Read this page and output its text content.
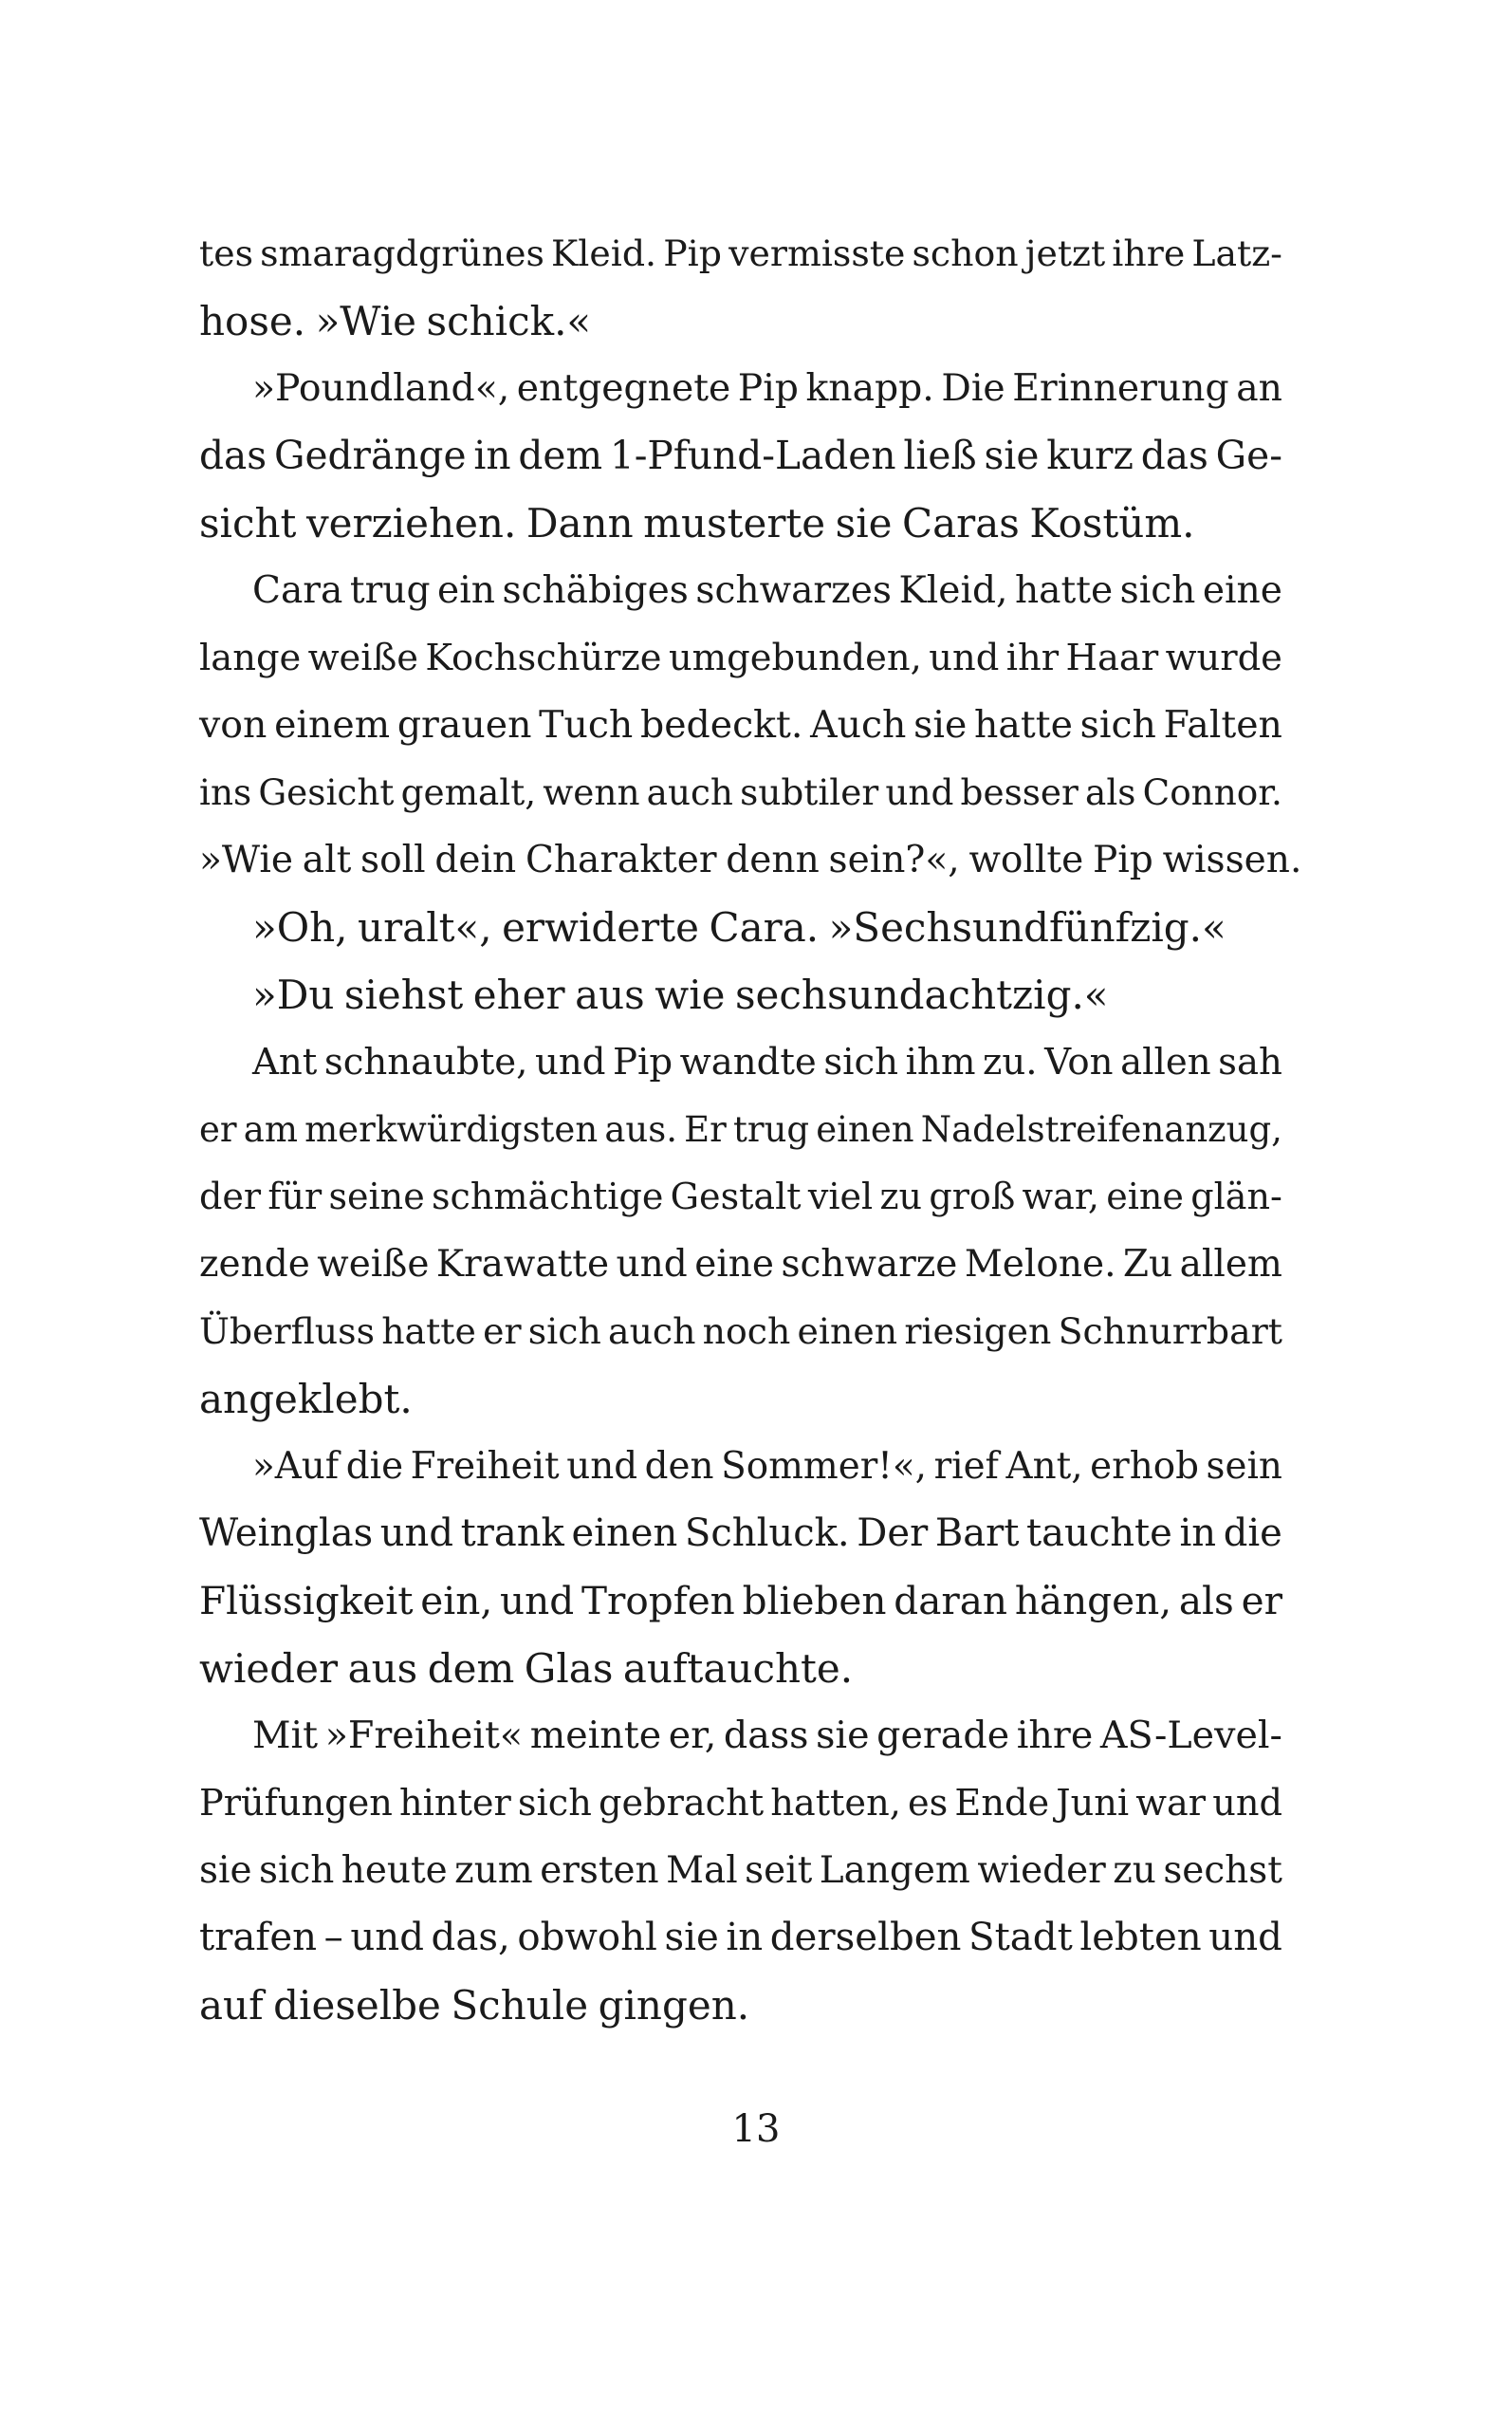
tes smaragdgrünes Kleid. Pip vermisste schon jetzt ihre Latz-
hose. »Wie schick.«
»Poundland«, entgegnete Pip knapp. Die Erinnerung an
das Gedränge in dem 1-Pfund-Laden ließ sie kurz das Ge-
sicht verziehen. Dann musterte sie Caras Kostüm.
Cara trug ein schäbiges schwarzes Kleid, hatte sich eine
lange weiße Kochschürze umgebunden, und ihr Haar wurde
von einem grauen Tuch bedeckt. Auch sie hatte sich Falten
ins Gesicht gemalt, wenn auch subtiler und besser als Connor.
»Wie alt soll dein Charakter denn sein?«, wollte Pip wissen.
»Oh, uralt«, erwiderte Cara. »Sechsundfünfzig.«
»Du siehst eher aus wie sechsundachtzig.«
Ant schnaubte, und Pip wandte sich ihm zu. Von allen sah
er am merkwürdigsten aus. Er trug einen Nadelstreifenanzug,
der für seine schmächtige Gestalt viel zu groß war, eine glän-
zende weiße Krawatte und eine schwarze Melone. Zu allem
Überfluss hatte er sich auch noch einen riesigen Schnurrbart
angeklebt.
»Auf die Freiheit und den Sommer!«, rief Ant, erhob sein
Weinglas und trank einen Schluck. Der Bart tauchte in die
Flüssigkeit ein, und Tropfen blieben daran hängen, als er
wieder aus dem Glas auftauchte.
Mit »Freiheit« meinte er, dass sie gerade ihre AS-Level-
Prüfungen hinter sich gebracht hatten, es Ende Juni war und
sie sich heute zum ersten Mal seit Langem wieder zu sechst
trafen – und das, obwohl sie in derselben Stadt lebten und
auf dieselbe Schule gingen.
13
